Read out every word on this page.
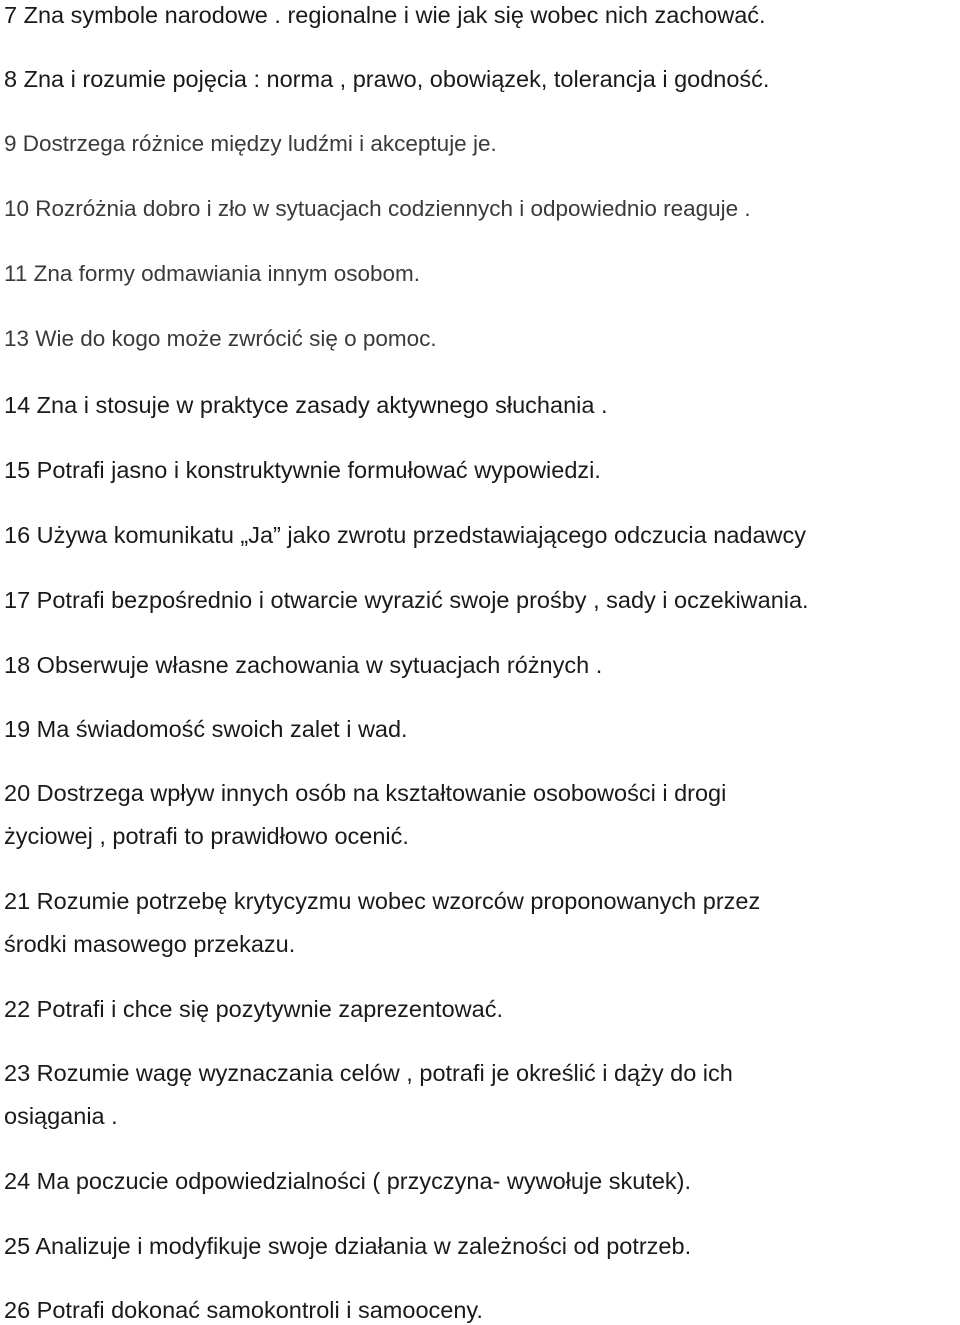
7 Zna symbole narodowe . regionalne i wie jak się wobec nich zachować.
8 Zna i rozumie pojęcia : norma , prawo, obowiązek, tolerancja i godność.
9 Dostrzega różnice między ludźmi i akceptuje je.
10 Rozróżnia dobro i zło w sytuacjach codziennych i odpowiednio reaguje .
11 Zna formy odmawiania innym osobom.
13 Wie do kogo może zwrócić się o pomoc.
14 Zna i stosuje w praktyce zasady aktywnego słuchania .
15 Potrafi jasno i konstruktywnie formułować wypowiedzi.
16 Używa komunikatu „Ja” jako zwrotu przedstawiającego odczucia nadawcy
17 Potrafi bezpośrednio i otwarcie wyrazić swoje prośby , sady i oczekiwania.
18 Obserwuje własne zachowania w sytuacjach różnych .
19 Ma świadomość swoich zalet i wad.
20 Dostrzega wpływ innych osób na kształtowanie osobowości i drogi
życiowej , potrafi to prawidłowo ocenić.
21 Rozumie potrzebę krytycyzmu wobec wzorców proponowanych przez
środki masowego przekazu.
22 Potrafi i chce się pozytywnie zaprezentować.
23 Rozumie wagę wyznaczania celów , potrafi je określić i dąży do ich
osiągania .
24 Ma poczucie odpowiedzialności ( przyczyna- wywołuje skutek).
25 Analizuje i modyfikuje swoje działania w zależności od potrzeb.
26 Potrafi dokonać samokontroli i samooceny.
